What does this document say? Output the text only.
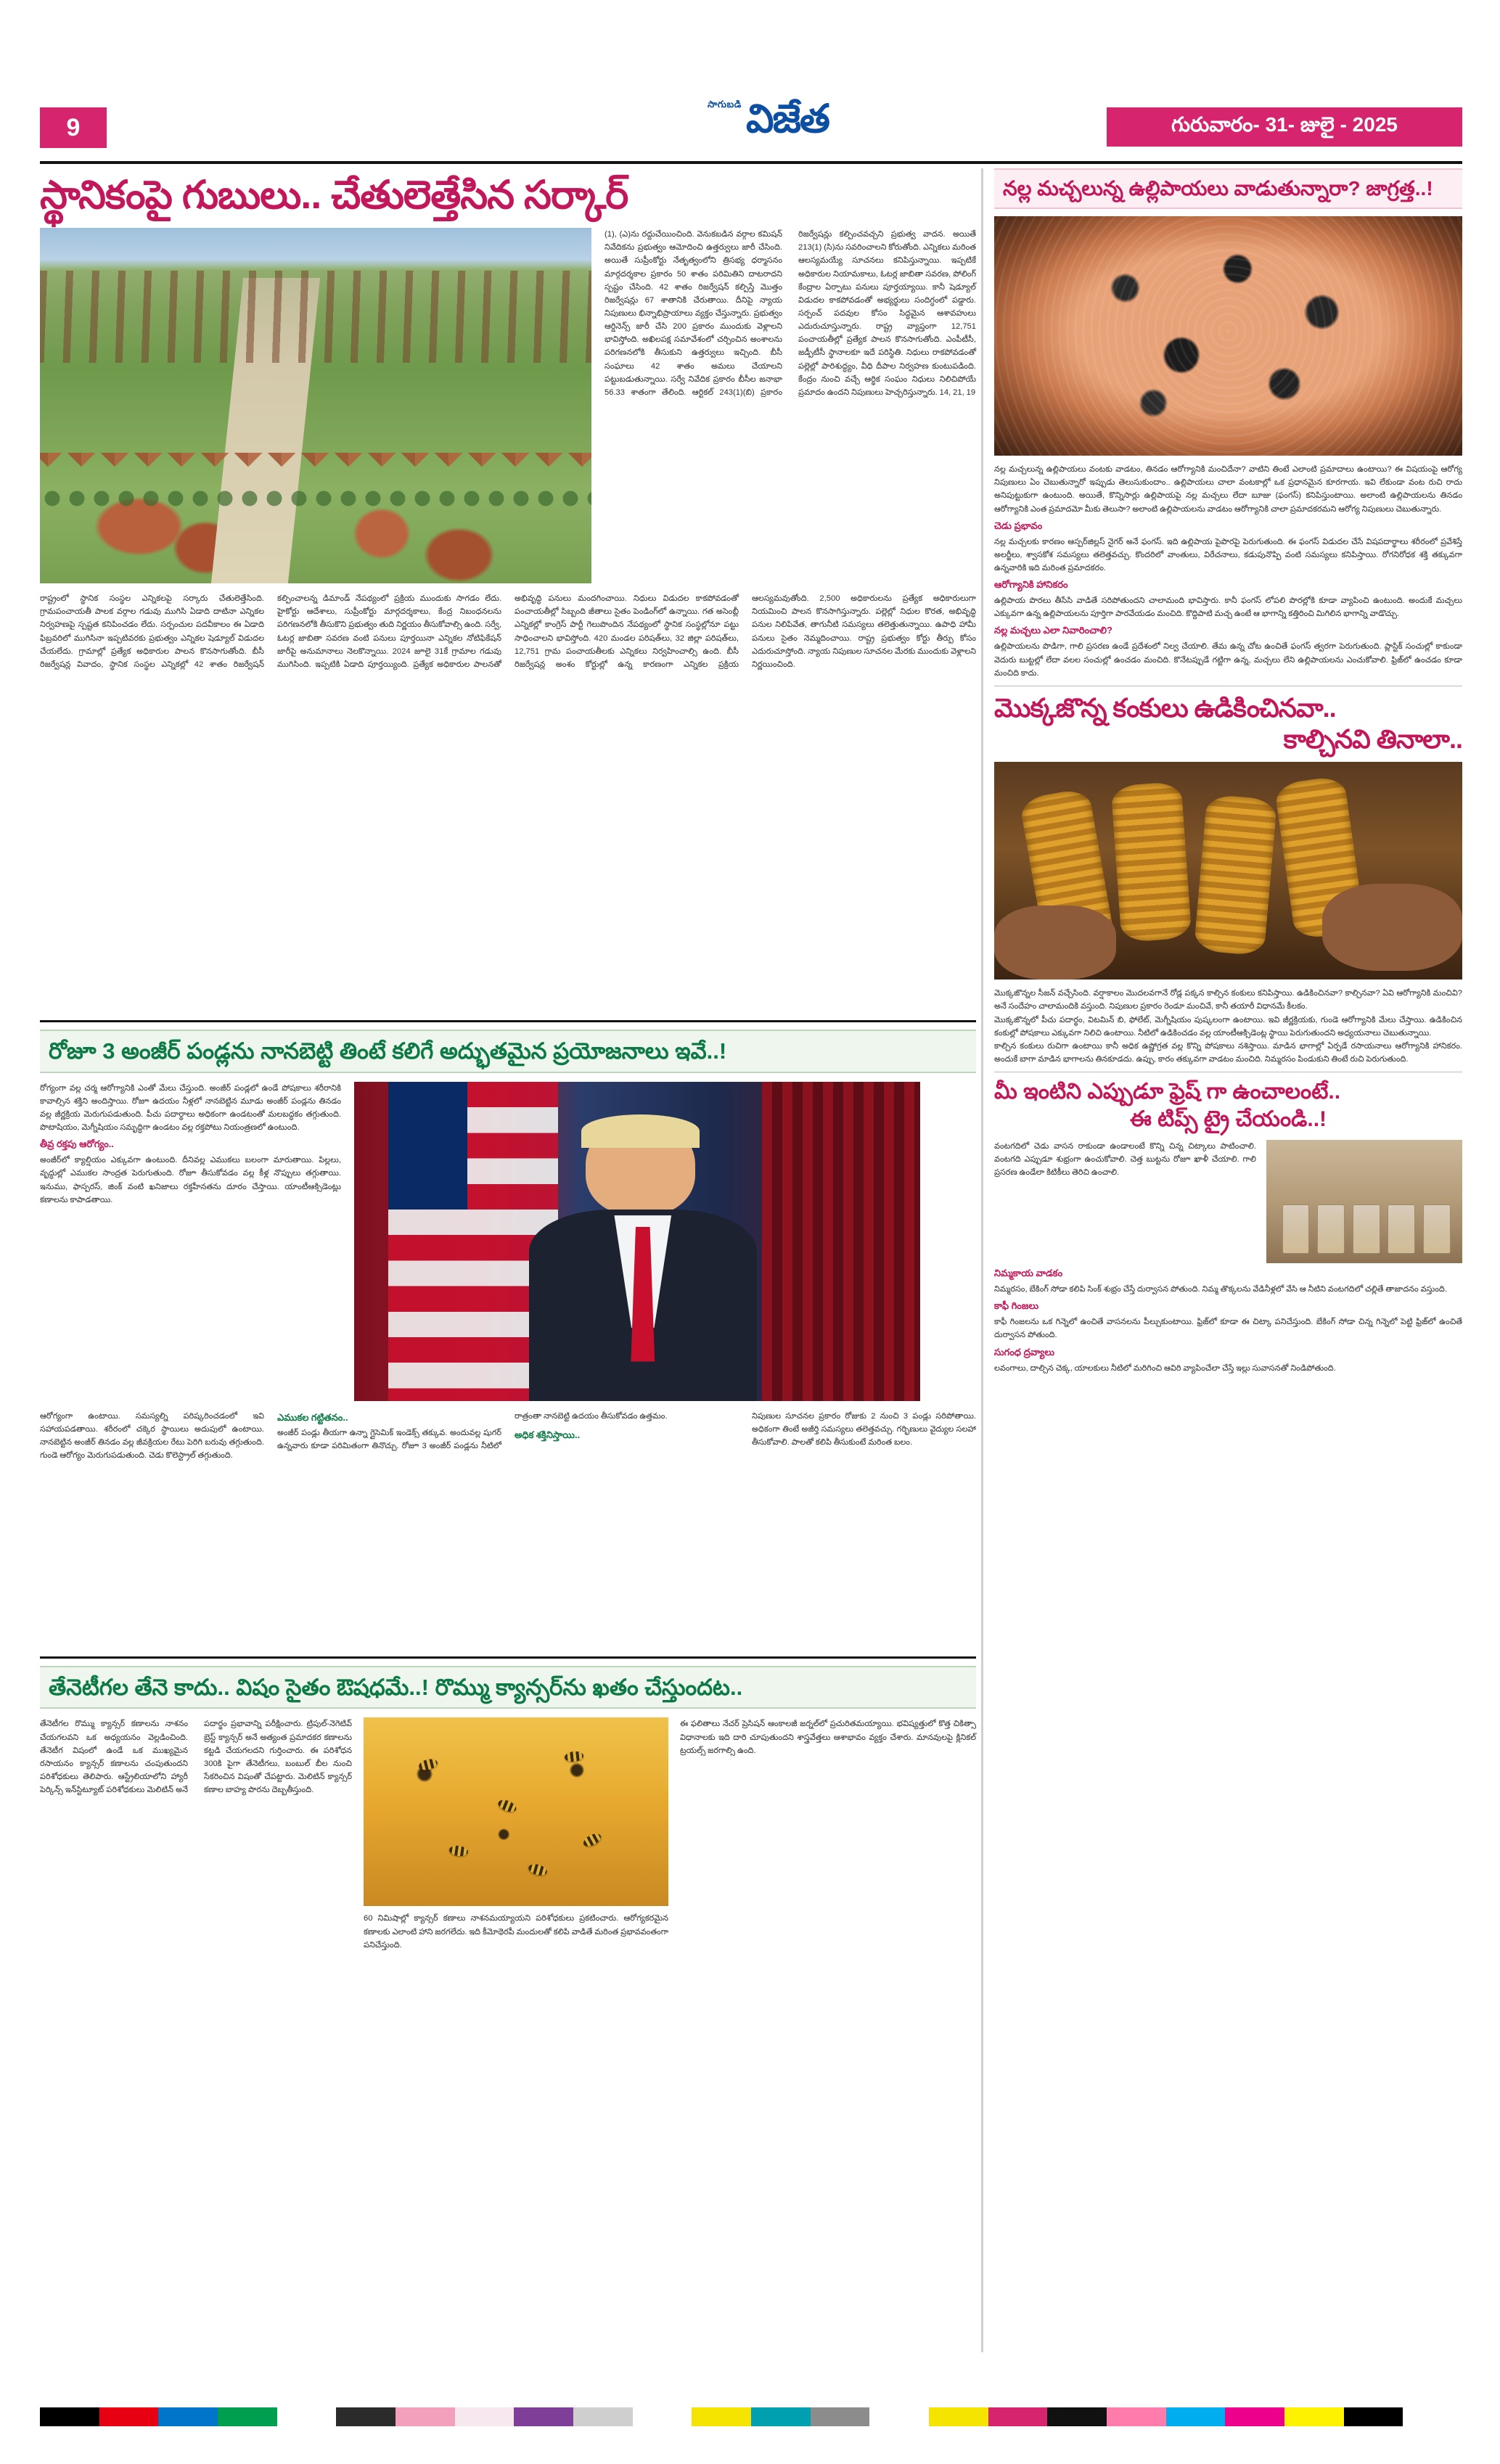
9
సాగుబడి విజేత	గురువారం- 31- జులై - 2025
స్థానికంపై గుబులు.. చేతులెత్తేసిన సర్కార్
(1), (ఎ)ను రద్దుచేయించింది. వెనుకబడిన వర్గాల కమిషన్ నివేదికను ప్రభుత్వం ఆమోదించి ఉత్తర్వులు జారీ చేసింది. అయితే సుప్రీంకోర్టు నేతృత్వంలోని త్రిసభ్య ధర్మాసనం మార్గదర్శకాల ప్రకారం 50 శాతం పరిమితిని దాటరాదని స్పష్టం చేసింది. 42 శాతం రిజర్వేషన్ కల్పిస్తే మొత్తం రిజర్వేషన్లు 67 శాతానికి చేరుతాయి. దీనిపై న్యాయ నిపుణులు భిన్నాభిప్రాయాలు వ్యక్తం చేస్తున్నారు. ప్రభుత్వం ఆర్డినెన్స్ జారీ చేసి 200 ప్రకారం ముందుకు వెళ్లాలని భావిస్తోంది. అఖిలపక్ష సమావేశంలో చర్చించిన అంశాలను పరిగణనలోకి తీసుకుని ఉత్తర్వులు ఇచ్చింది. బీసీ సంఘాలు 42 శాతం అమలు చేయాలని పట్టుబడుతున్నాయి. సర్వే నివేదిక ప్రకారం బీసీల జనాభా 56.33 శాతంగా తేలింది. ఆర్టికల్ 243(1)(బి) ప్రకారం రిజర్వేషన్లు కల్పించవచ్చని ప్రభుత్వ వాదన. అయితే 213(1) (సి)ను సవరించాలని కోరుతోంది. ఎన్నికలు మరింత ఆలస్యమయ్యే సూచనలు కనిపిస్తున్నాయి. ఇప్పటికే అధికారుల నియామకాలు, ఓటర్ల జాబితా సవరణ, పోలింగ్ కేంద్రాల ఏర్పాటు పనులు పూర్తయ్యాయి. కానీ షెడ్యూల్ విడుదల కాకపోవడంతో అభ్యర్థులు సందిగ్ధంలో పడ్డారు. సర్పంచ్ పదవుల కోసం సిద్ధమైన ఆశావహులు ఎదురుచూస్తున్నారు. రాష్ట్ర వ్యాప్తంగా 12,751 పంచాయతీల్లో ప్రత్యేక పాలన కొనసాగుతోంది. ఎంపీటీసీ, జడ్పీటీసీ స్థానాలకూ ఇదే పరిస్థితి. నిధులు రాకపోవడంతో పల్లెల్లో పారిశుద్ధ్యం, వీధి దీపాల నిర్వహణ కుంటుపడింది. కేంద్రం నుంచి వచ్చే ఆర్థిక సంఘం నిధులు నిలిచిపోయే ప్రమాదం ఉందని నిపుణులు హెచ్చరిస్తున్నారు. 14, 21, 19
రాష్ట్రంలో స్థానిక సంస్థల ఎన్నికలపై సర్కారు చేతులెత్తేసింది. గ్రామపంచాయతీ పాలక వర్గాల గడువు ముగిసి ఏడాది దాటినా ఎన్నికల నిర్వహణపై స్పష్టత కనిపించడం లేదు. సర్పంచుల పదవీకాలం ఈ ఏడాది ఫిబ్రవరిలో ముగిసినా ఇప్పటివరకు ప్రభుత్వం ఎన్నికల షెడ్యూల్ విడుదల చేయలేదు. గ్రామాల్లో ప్రత్యేక అధికారుల పాలన కొనసాగుతోంది. బీసీ రిజర్వేషన్ల వివాదం, స్థానిక సంస్థల ఎన్నికల్లో 42 శాతం రిజర్వేషన్ కల్పించాలన్న డిమాండ్ నేపథ్యంలో ప్రక్రియ ముందుకు సాగడం లేదు. హైకోర్టు ఆదేశాలు, సుప్రీంకోర్టు మార్గదర్శకాలు, కేంద్ర నిబంధనలను పరిగణనలోకి తీసుకొని ప్రభుత్వం తుది నిర్ణయం తీసుకోవాల్సి ఉంది. సర్వే, ఓటర్ల జాబితా సవరణ వంటి పనులు పూర్తయినా ఎన్నికల నోటిఫికేషన్ జారీపై అనుమానాలు నెలకొన్నాయి. 2024 జూలై 31కే గ్రామాల గడువు ముగిసింది. ఇప్పటికి ఏడాది పూర్తయ్యింది. ప్రత్యేక అధికారుల పాలనతో అభివృద్ధి పనులు మందగించాయి. నిధులు విడుదల కాకపోవడంతో పంచాయతీల్లో సిబ్బంది జీతాలు సైతం పెండింగ్‌లో ఉన్నాయి. గత అసెంబ్లీ ఎన్నికల్లో కాంగ్రెస్ పార్టీ గెలుపొందిన నేపథ్యంలో స్థానిక సంస్థల్లోనూ పట్టు సాధించాలని భావిస్తోంది. 420 మండల పరిషత్‌లు, 32 జిల్లా పరిషత్‌లు, 12,751 గ్రామ పంచాయతీలకు ఎన్నికలు నిర్వహించాల్సి ఉంది. బీసీ రిజర్వేషన్ల అంశం కోర్టుల్లో ఉన్న కారణంగా ఎన్నికల ప్రక్రియ ఆలస్యమవుతోంది. 2,500 అధికారులను ప్రత్యేక అధికారులుగా నియమించి పాలన కొనసాగిస్తున్నారు. పల్లెల్లో నిధుల కొరత, అభివృద్ధి పనుల నిలిపివేత, తాగునీటి సమస్యలు తలెత్తుతున్నాయి. ఉపాధి హామీ పనులు సైతం నెమ్మదించాయి. రాష్ట్ర ప్రభుత్వం కోర్టు తీర్పు కోసం ఎదురుచూస్తోంది. న్యాయ నిపుణుల సూచనల మేరకు ముందుకు వెళ్లాలని నిర్ణయించింది.
రోజూ 3 అంజీర్ పండ్లను నానబెట్టి తింటే కలిగే అద్భుతమైన ప్రయోజనాలు ఇవే..!
రోగ్యంగా వల్ల చర్మ ఆరోగ్యానికి ఎంతో మేలు చేస్తుంది. అంజీర్ పండ్లలో ఉండే పోషకాలు శరీరానికి కావాల్సిన శక్తిని అందిస్తాయి. రోజూ ఉదయం నీళ్లలో నానబెట్టిన మూడు అంజీర్ పండ్లను తినడం వల్ల జీర్ణక్రియ మెరుగుపడుతుంది. పీచు పదార్థాలు అధికంగా ఉండటంతో మలబద్ధకం తగ్గుతుంది. పొటాషియం, మెగ్నీషియం సమృద్ధిగా ఉండటం వల్ల రక్తపోటు నియంత్రణలో ఉంటుంది.
తీవ్ర రక్తపు ఆరోగ్యం..
అంజీర్‌లో క్యాల్షియం ఎక్కువగా ఉంటుంది. దీనివల్ల ఎముకలు బలంగా మారుతాయి. పిల్లలు, వృద్ధుల్లో ఎముకల సాంద్రత పెరుగుతుంది. రోజూ తీసుకోవడం వల్ల కీళ్ల నొప్పులు తగ్గుతాయి. ఇనుము, ఫాస్పరస్, జింక్ వంటి ఖనిజాలు రక్తహీనతను దూరం చేస్తాయి. యాంటీఆక్సిడెంట్లు కణాలను కాపాడతాయి.
ఆరోగ్యంగా ఉంటాయి. సమస్యల్ని పరిష్కరించడంలో ఇవి సహాయపడతాయి. శరీరంలో చక్కెర స్థాయిలు అదుపులో ఉంటాయి. నానబెట్టిన అంజీర్ తినడం వల్ల జీవక్రియల రేటు పెరిగి బరువు తగ్గుతుంది. గుండె ఆరోగ్యం మెరుగుపడుతుంది. చెడు కొలెస్ట్రాల్ తగ్గుతుంది.
ఎముకల గట్టితనం..
అంజీర్ పండ్లు తీయగా ఉన్నా గ్లైసెమిక్ ఇండెక్స్ తక్కువ. అందువల్ల షుగర్ ఉన్నవారు కూడా పరిమితంగా తినొచ్చు. రోజూ 3 అంజీర్ పండ్లను నీటిలో రాత్రంతా నానబెట్టి ఉదయం తీసుకోవడం ఉత్తమం.
అధిక శక్తినిస్తాయి..
నిపుణుల సూచనల ప్రకారం రోజుకు 2 నుంచి 3 పండ్లు సరిపోతాయి. అధికంగా తింటే అజీర్తి సమస్యలు తలెత్తవచ్చు. గర్భిణులు వైద్యుల సలహా తీసుకోవాలి. పాలతో కలిపి తీసుకుంటే మరింత బలం.
తేనెటీగల తేనె కాదు.. విషం సైతం ఔషధమే..! రొమ్ము క్యాన్సర్‌ను ఖతం చేస్తుందట..
తేనెటీగల రొమ్ము క్యాన్సర్ కణాలను నాశనం చేయగలవని ఒక అధ్యయనం వెల్లడించింది. తేనెటీగ విషంలో ఉండే ఒక ముఖ్యమైన రసాయనం క్యాన్సర్ కణాలను చంపుతుందని పరిశోధకులు తెలిపారు. ఆస్ట్రేలియాలోని హ్యారీ పెర్కిన్స్ ఇన్‌స్టిట్యూట్ పరిశోధకులు మెలిటిన్ అనే పదార్థం ప్రభావాన్ని పరీక్షించారు. ట్రిపుల్-నెగెటివ్ బ్రెస్ట్ క్యాన్సర్ అనే అత్యంత ప్రమాదకర కణాలను కట్టడి చేయగలదని గుర్తించారు. ఈ పరిశోధన 300కి పైగా తేనెటీగలు, బంబుల్ బీల నుంచి సేకరించిన విషంతో చేపట్టారు. మెలిటిన్ క్యాన్సర్ కణాల బాహ్య పొరను దెబ్బతీస్తుంది.
60 నిమిషాల్లో క్యాన్సర్ కణాలు నాశనమయ్యాయని పరిశోధకులు ప్రకటించారు. ఆరోగ్యకరమైన కణాలకు ఎలాంటి హాని జరగలేదు. ఇది కీమోథెరపీ మందులతో కలిపి వాడితే మరింత ప్రభావవంతంగా పనిచేస్తుంది.
ఈ ఫలితాలు నేచర్ ప్రెసిషన్ ఆంకాలజీ జర్నల్‌లో ప్రచురితమయ్యాయి. భవిష్యత్తులో కొత్త చికిత్సా విధానాలకు ఇది దారి చూపుతుందని శాస్త్రవేత్తలు ఆశాభావం వ్యక్తం చేశారు. మానవులపై క్లినికల్ ట్రయల్స్ జరగాల్సి ఉంది.
నల్ల మచ్చలున్న ఉల్లిపాయలు వాడుతున్నారా? జాగ్రత్త..!
నల్ల మచ్చలున్న ఉల్లిపాయలు వంటకు వాడటం, తినడం ఆరోగ్యానికి మంచిదేనా? వాటిని తింటే ఎలాంటి ప్రమాదాలు ఉంటాయి? ఈ విషయంపై ఆరోగ్య నిపుణులు ఏం చెబుతున్నారో ఇప్పుడు తెలుసుకుందాం.. ఉల్లిపాయలు చాలా వంటకాల్లో ఒక ప్రధానమైన కూరగాయ. ఇవి లేకుండా వంట రుచి రాదు అనిపుట్టుకుగా ఉంటుంది. అయితే, కొన్నిసార్లు ఉల్లిపాయపై నల్ల మచ్చలు లేదా బూజు (ఫంగస్) కనిపిస్తుంటాయి. అలాంటి ఉల్లిపాయలను తినడం ఆరోగ్యానికి ఎంత ప్రమాదమో మీకు తెలుసా? అలాంటి ఉల్లిపాయలను వాడటం ఆరోగ్యానికి చాలా ప్రమాదకరమని ఆరోగ్య నిపుణులు చెబుతున్నారు.
చెడు ప్రభావం
నల్ల మచ్చలకు కారణం ఆస్పర్‌జిల్లస్ నైగర్ అనే ఫంగస్. ఇది ఉల్లిపాయ పైపొరపై పెరుగుతుంది. ఈ ఫంగస్ విడుదల చేసే విషపదార్థాలు శరీరంలో ప్రవేశిస్తే అలర్జీలు, శ్వాసకోశ సమస్యలు తలెత్తవచ్చు. కొందరిలో వాంతులు, విరేచనాలు, కడుపునొప్పి వంటి సమస్యలు కనిపిస్తాయి. రోగనిరోధక శక్తి తక్కువగా ఉన్నవారికి ఇది మరింత ప్రమాదకరం.
ఆరోగ్యానికి హానికరం
ఉల్లిపాయ పొరలు తీసేసి వాడితే సరిపోతుందని చాలామంది భావిస్తారు. కానీ ఫంగస్ లోపలి పొరల్లోకి కూడా వ్యాపించి ఉంటుంది. అందుకే మచ్చలు ఎక్కువగా ఉన్న ఉల్లిపాయలను పూర్తిగా పారవేయడం మంచిది. కొద్దిపాటి మచ్చ ఉంటే ఆ భాగాన్ని కత్తిరించి మిగిలిన భాగాన్ని వాడొచ్చు.
నల్ల మచ్చలు ఎలా నివారించాలి?
ఉల్లిపాయలను పొడిగా, గాలి ప్రసరణ ఉండే ప్రదేశంలో నిల్వ చేయాలి. తేమ ఉన్న చోట ఉంచితే ఫంగస్ త్వరగా పెరుగుతుంది. ప్లాస్టిక్ సంచుల్లో కాకుండా వెదురు బుట్టల్లో లేదా వలల సంచుల్లో ఉంచడం మంచిది. కొనేటప్పుడే గట్టిగా ఉన్న, మచ్చలు లేని ఉల్లిపాయలను ఎంచుకోవాలి. ఫ్రిజ్‌లో ఉంచడం కూడా మంచిది కాదు.
మొక్కజొన్న కంకులు ఉడికించినవా..
కాల్చినవి తినాలా..
మొక్కజొన్నల సీజన్ వచ్చేసింది. వర్షాకాలం మొదలవగానే రోడ్ల పక్కన కాల్చిన కంకులు కనిపిస్తాయి. ఉడికించినవా? కాల్చినవా? ఏవి ఆరోగ్యానికి మంచివి? అనే సందేహం చాలామందికి వస్తుంది. నిపుణుల ప్రకారం రెండూ మంచివే, కానీ తయారీ విధానమే కీలకం.
మొక్కజొన్నలో పీచు పదార్థం, విటమిన్ బి, ఫోలేట్, మెగ్నీషియం పుష్కలంగా ఉంటాయి. ఇవి జీర్ణక్రియకు, గుండె ఆరోగ్యానికి మేలు చేస్తాయి. ఉడికించిన కంకుల్లో పోషకాలు ఎక్కువగా నిలిచి ఉంటాయి. నీటిలో ఉడికించడం వల్ల యాంటీఆక్సిడెంట్ల స్థాయి పెరుగుతుందని అధ్యయనాలు చెబుతున్నాయి.
కాల్చిన కంకులు రుచిగా ఉంటాయి కానీ అధిక ఉష్ణోగ్రత వల్ల కొన్ని పోషకాలు నశిస్తాయి. మాడిన భాగాల్లో ఏర్పడే రసాయనాలు ఆరోగ్యానికి హానికరం. అందుకే బాగా మాడిన భాగాలను తినకూడదు. ఉప్పు, కారం తక్కువగా వాడటం మంచిది. నిమ్మరసం పిండుకుని తింటే రుచి పెరుగుతుంది.
మీ ఇంటిని ఎప్పుడూ ఫ్రెష్ గా ఉంచాలంటే..
ఈ టిప్స్ ట్రై చేయండి..!
వంటగదిలో చెడు వాసన రాకుండా ఉండాలంటే కొన్ని చిన్న చిట్కాలు పాటించాలి. వంటగది ఎప్పుడూ శుభ్రంగా ఉంచుకోవాలి. చెత్త బుట్టను రోజూ ఖాళీ చేయాలి. గాలి ప్రసరణ ఉండేలా కిటికీలు తెరిచి ఉంచాలి.
నిమ్మకాయ వాడకం
నిమ్మరసం, బేకింగ్ సోడా కలిపి సింక్ శుభ్రం చేస్తే దుర్వాసన పోతుంది. నిమ్మ తొక్కలను వేడినీళ్లలో వేసి ఆ నీటిని వంటగదిలో చల్లితే తాజాదనం వస్తుంది.
కాఫీ గింజలు
కాఫీ గింజలను ఒక గిన్నెలో ఉంచితే వాసనలను పీల్చుకుంటాయి. ఫ్రిజ్‌లో కూడా ఈ చిట్కా పనిచేస్తుంది. బేకింగ్ సోడా చిన్న గిన్నెలో పెట్టి ఫ్రిజ్‌లో ఉంచితే దుర్వాసన పోతుంది.
సుగంధ ద్రవ్యాలు
లవంగాలు, దాల్చిన చెక్క, యాలకులు నీటిలో మరిగించి ఆవిరి వ్యాపించేలా చేస్తే ఇల్లు సువాసనతో నిండిపోతుంది.
